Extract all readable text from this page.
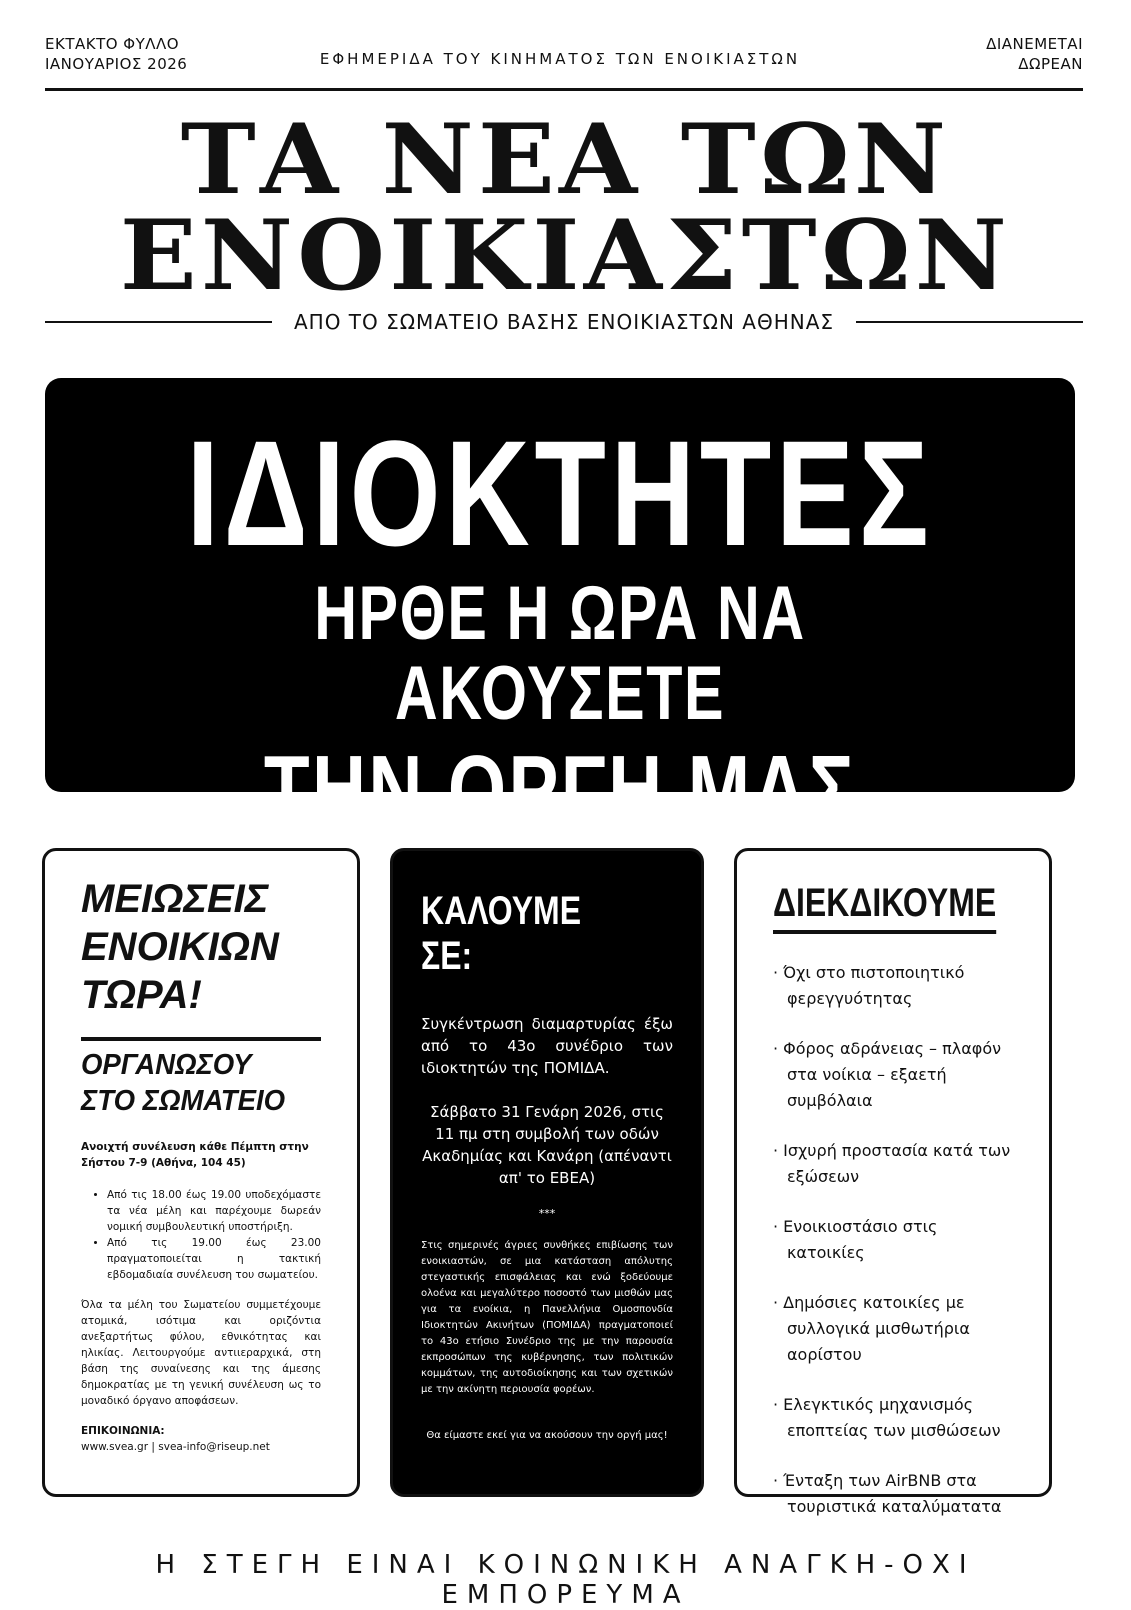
ΕΚΤΑΚΤΟ ΦΥΛΛΟ
ΙΑΝΟΥΑΡΙΟΣ 2026	ΕΦΗΜΕΡΙΔΑ ΤΟΥ ΚΙΝΗΜΑΤΟΣ ΤΩΝ ΕΝΟΙΚΙΑΣΤΩΝ
ΔΙΑΝΕΜΕΤΑΙ
ΔΩΡΕΑΝ
ΤΑ ΝΕΑ ΤΩΝ
ΕΝΟΙΚΙΑΣΤΩΝ
ΑΠΟ ΤΟ ΣΩΜΑΤΕΙΟ ΒΑΣΗΣ ΕΝΟΙΚΙΑΣΤΩΝ ΑΘΗΝΑΣ
ΙΔΙΟΚΤΗΤΕΣ
ΗΡΘΕ Η ΩΡΑ ΝΑ ΑΚΟΥΣΕΤΕ
ΤΗΝ ΟΡΓΗ ΜΑΣ
ΜΕΙΩΣΕΙΣ
ΕΝΟΙΚΙΩΝ
ΤΩΡΑ!
ΟΡΓΑΝΩΣΟΥ
ΣΤΟ ΣΩΜΑΤΕΙΟ
Ανοιχτή συνέλευση κάθε Πέμπτη στην Σήστου 7-9 (Αθήνα, 104 45)
• Από τις 18.00 έως 19.00 υποδεχόμαστε τα νέα μέλη και παρέχουμε δωρεάν νομική συμβουλευτική υποστήριξη.
• Από τις 19.00 έως 23.00 πραγματοποιείται η τακτική εβδομαδιαία συνέλευση του σωματείου.

Όλα τα μέλη του Σωματείου συμμετέχουμε ατομικά, ισότιμα και οριζόντια ανεξαρτήτως φύλου, εθνικότητας και ηλικίας. Λειτουργούμε αντιιεραρχικά, στη βάση της συναίνεσης και της άμεσης δημοκρατίας με τη γενική συνέλευση ως το μοναδικό όργανο αποφάσεων.

ΕΠΙΚΟΙΝΩΝΙΑ:
www.svea.gr | svea-info@riseup.net
ΚΑΛΟΥΜΕ ΣΕ:
Συγκέντρωση διαμαρτυρίας έξω από το 43ο συνέδριο των ιδιοκτητών της ΠΟΜΙΔΑ.
Σάββατο 31 Γενάρη 2026, στις 11 πμ στη συμβολή των οδών Ακαδημίας και Κανάρη (απέναντι απ' το ΕΒΕΑ)
***
Στις σημερινές άγριες συνθήκες επιβίωσης των ενοικιαστών, σε μια κατάσταση απόλυτης στεγαστικής επισφάλειας και ενώ ξοδεύουμε ολοένα και μεγαλύτερο ποσοστό των μισθών μας για τα ενοίκια, η Πανελλήνια Ομοσπονδία Ιδιοκτητών Ακινήτων (ΠΟΜΙΔΑ) πραγματοποιεί το 43ο ετήσιο Συνέδριο της με την παρουσία εκπροσώπων της κυβέρνησης, των πολιτικών κομμάτων, της αυτοδιοίκησης και των σχετικών με την ακίνητη περιουσία φορέων.
Θα είμαστε εκεί για να ακούσουν την οργή μας!
ΔΙΕΚΔΙΚΟΥΜΕ
· Όχι στο πιστοποιητικό φερεγγυότητας
· Φόρος αδράνειας – πλαφόν στα νοίκια – εξαετή συμβόλαια
· Ισχυρή προστασία κατά των εξώσεων
· Ενοικιοστάσιο στις κατοικίες
· Δημόσιες κατοικίες με συλλογικά μισθωτήρια αορίστου
· Ελεγκτικός μηχανισμός εποπτείας των μισθώσεων
· Ένταξη των AirBNB στα τουριστικά καταλύματατα
Η ΣΤΕΓΗ ΕΙΝΑΙ ΚΟΙΝΩΝΙΚΗ ΑΝΑΓΚΗ-ΟΧΙ ΕΜΠΟΡΕΥΜΑ
